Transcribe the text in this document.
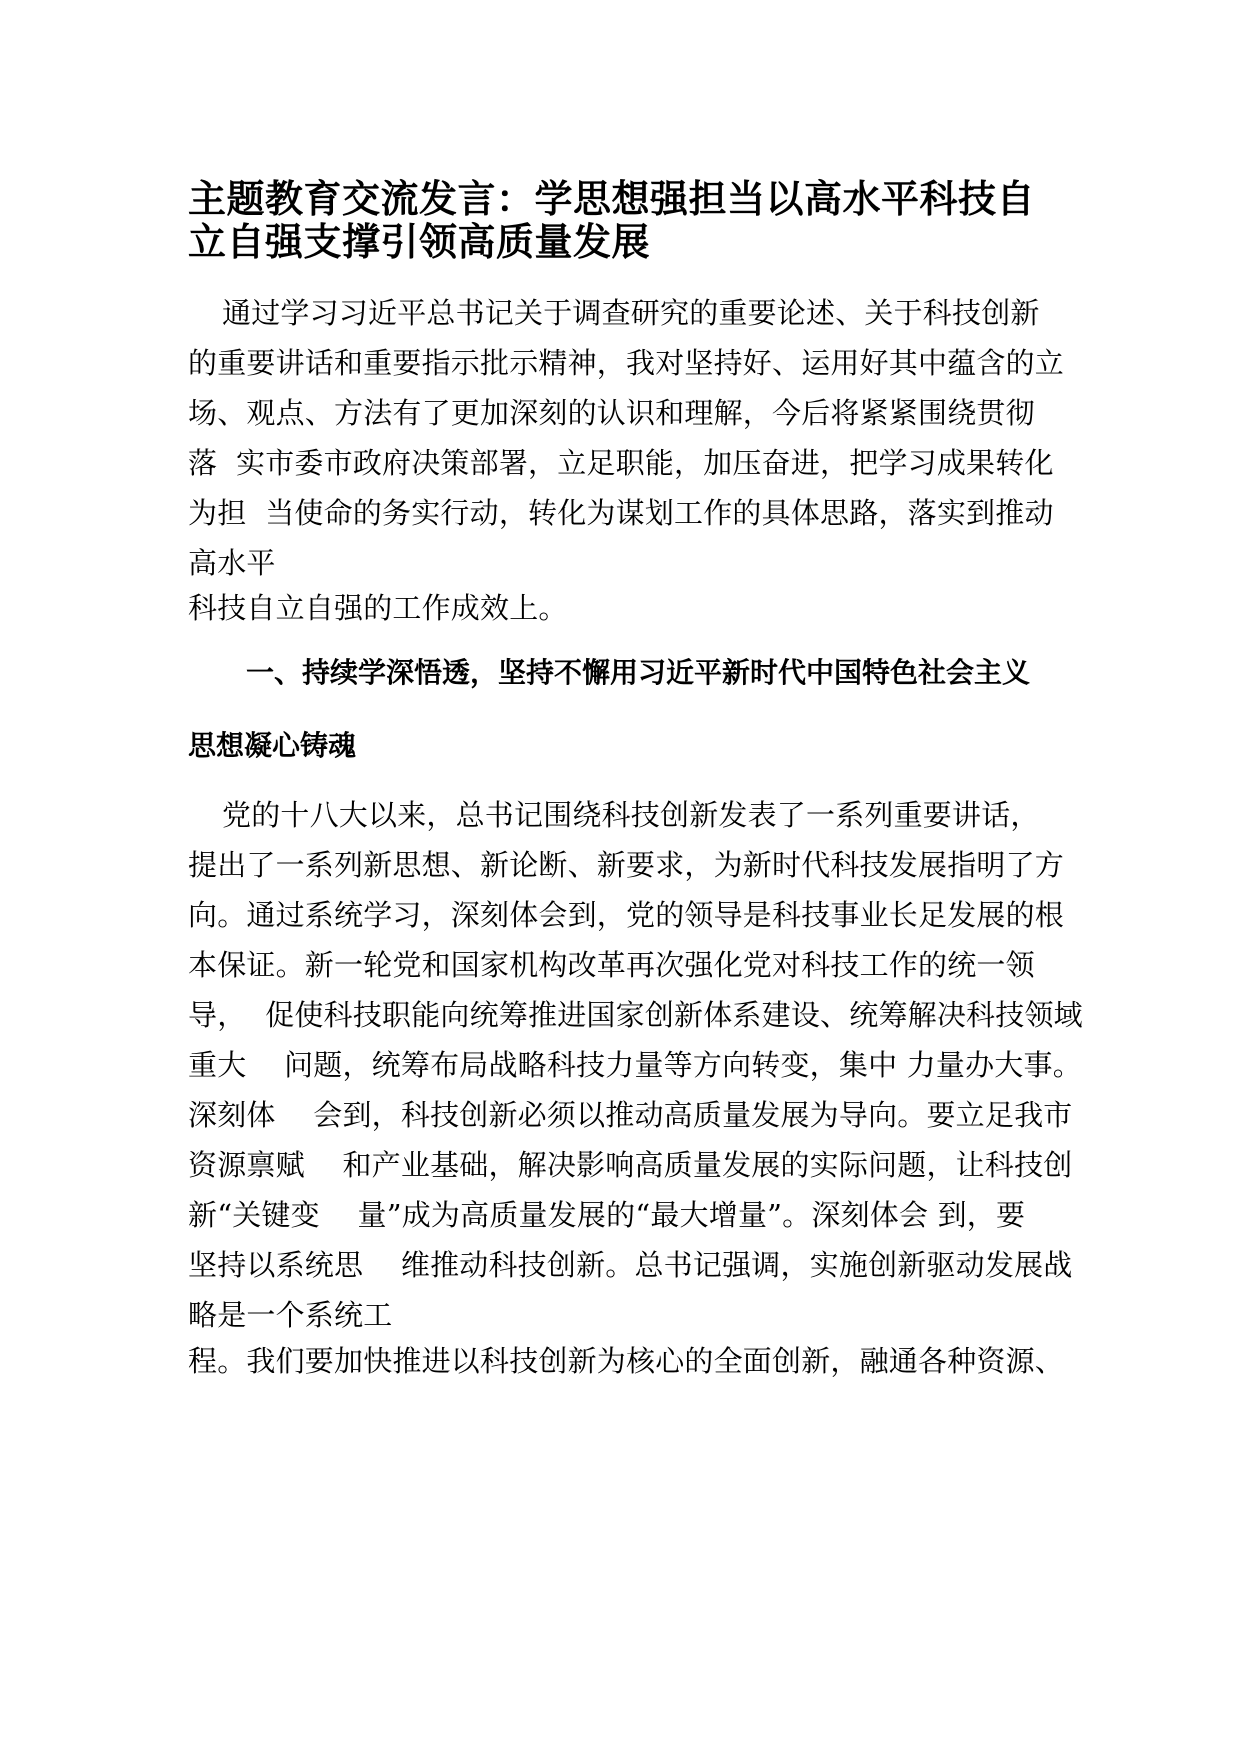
主题教育交流发言：学思想强担当以高水平科技自
立自强支撑引领高质量发展
通过学习习近平总书记关于调查研究的重要论述、关于科技创新
的重要讲话和重要指示批示精神，我对坚持好、运用好其中蕴含的立
场、观点、方法有了更加深刻的认识和理解，今后将紧紧围绕贯彻
落  实市委市政府决策部署，立足职能，加压奋进，把学习成果转化
为担  当使命的务实行动，转化为谋划工作的具体思路，落实到推动
高水平
科技自立自强的工作成效上。
一、持续学深悟透，坚持不懈用习近平新时代中国特色社会主义
思想凝心铸魂
党的十八大以来，总书记围绕科技创新发表了一系列重要讲话，
提出了一系列新思想、新论断、新要求，为新时代科技发展指明了方
向。通过系统学习，深刻体会到，党的领导是科技事业长足发展的根
本保证。新一轮党和国家机构改革再次强化党对科技工作的统一领
导，  促使科技职能向统筹推进国家创新体系建设、统筹解决科技领域
重大    问题，统筹布局战略科技力量等方向转变，集中 力量办大事。
深刻体    会到，科技创新必须以推动高质量发展为导向。要立足我市
资源禀赋    和产业基础，解决影响高质量发展的实际问题，让科技创
新“关键变    量”成为高质量发展的“最大增量”。深刻体会 到，要
坚持以系统思    维推动科技创新。总书记强调，实施创新驱动发展战
略是一个系统工
程。我们要加快推进以科技创新为核心的全面创新，融通各种资源、
